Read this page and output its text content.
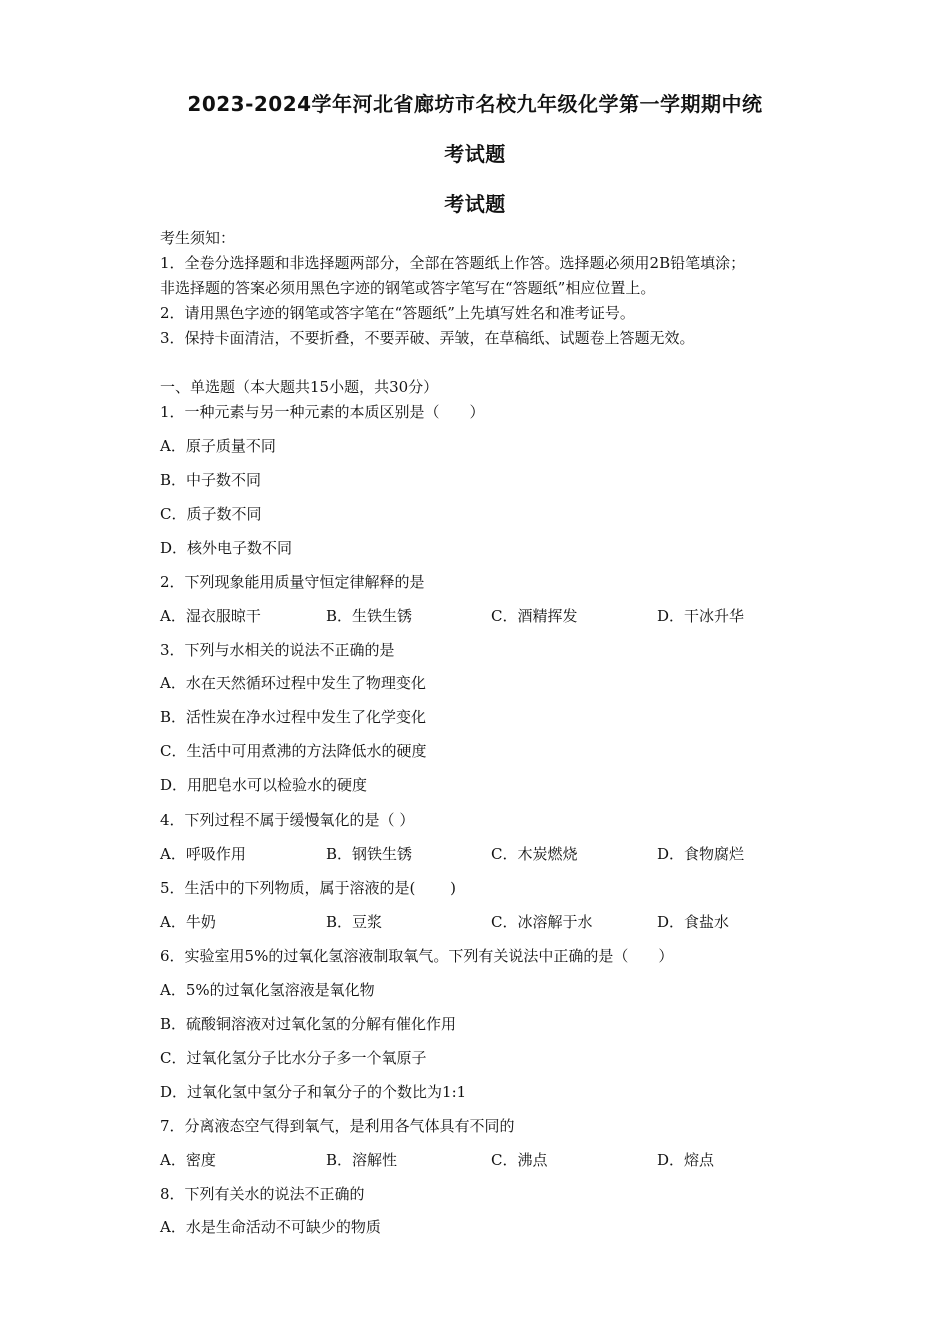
2023-2024学年河北省廊坊市名校九年级化学第一学期期中统
考试题
考试题
考生须知：
1．全卷分选择题和非选择题两部分，全部在答题纸上作答。选择题必须用2B铅笔填涂；
非选择题的答案必须用黑色字迹的钢笔或答字笔写在“答题纸”相应位置上。
2．请用黑色字迹的钢笔或答字笔在“答题纸”上先填写姓名和准考证号。
3．保持卡面清洁，不要折叠，不要弄破、弄皱，在草稿纸、试题卷上答题无效。
一、单选题（本大题共15小题，共30分）
1．一种元素与另一种元素的本质区别是（　　）
A．原子质量不同
B．中子数不同
C．质子数不同
D．核外电子数不同
2．下列现象能用质量守恒定律解释的是
A．湿衣服晾干	B．生铁生锈	C．酒精挥发	D．干冰升华
3．下列与水相关的说法不正确的是
A．水在天然循环过程中发生了物理变化
B．活性炭在净水过程中发生了化学变化
C．生活中可用煮沸的方法降低水的硬度
D．用肥皂水可以检验水的硬度
4．下列过程不属于缓慢氧化的是（ ）
A．呼吸作用	B．钢铁生锈	C．木炭燃烧	D．食物腐烂
5．生活中的下列物质，属于溶液的是(　　 )
A．牛奶	B．豆浆	C．冰溶解于水	D．食盐水
6．实验室用5%的过氧化氢溶液制取氧气。下列有关说法中正确的是（　　）
A．5%的过氧化氢溶液是氧化物
B．硫酸铜溶液对过氧化氢的分解有催化作用
C．过氧化氢分子比水分子多一个氧原子
D．过氧化氢中氢分子和氧分子的个数比为1:1
7．分离液态空气得到氧气，是利用各气体具有不同的
A．密度	B．溶解性	C．沸点	D．熔点
8．下列有关水的说法不正确的
A．水是生命活动不可缺少的物质
